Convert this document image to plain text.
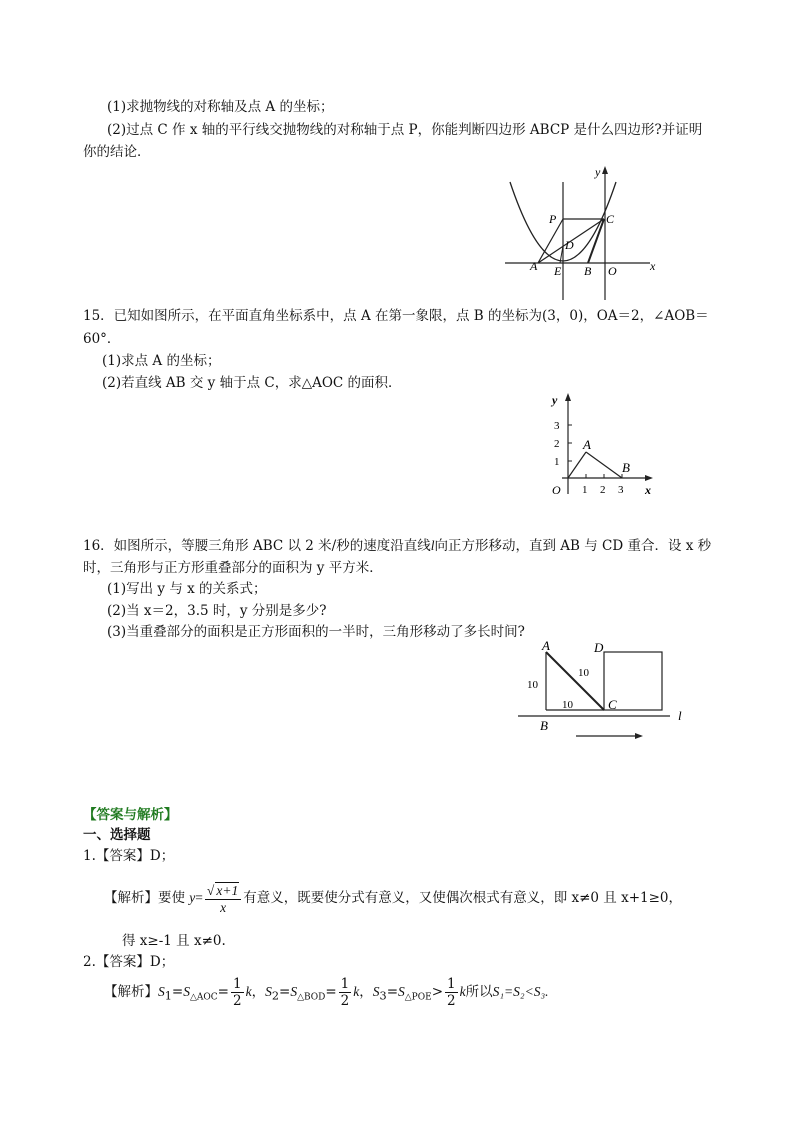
(1)求抛物线的对称轴及点 A 的坐标；
(2)过点 C 作 x 轴的平行线交抛物线的对称轴于点 P，你能判断四边形 ABCP 是什么四边形?并证明
你的结论．
y
x
P	C
D
A E B O
15．已知如图所示，在平面直角坐标系中，点 A 在第一象限，点 B 的坐标为(3，0)，OA＝2，∠AOB＝
60°．
(1)求点 A 的坐标；
(2)若直线 AB 交 y 轴于点 C，求△AOC 的面积．
y
x
3
2
1
O 1 2 3
A
B
16．如图所示，等腰三角形 ABC 以 2 米/秒的速度沿直线l向正方形移动，直到 AB 与 CD 重合．设 x 秒
时，三角形与正方形重叠部分的面积为 y 平方米．
(1)写出 y 与 x 的关系式；
(2)当 x＝2，3.5 时，y 分别是多少?
(3)当重叠部分的面积是正方形面积的一半时，三角形移动了多长时间?
A	D
C
B
l
10
10
10
【答案与解析】
一、选择题
1.【答案】D；
【解析】要使 $y= \frac{√ x+1}{x}$ 有意义，既要使分式有意义，又使偶次根式有意义，即 x≠0 且 x+1≥0，
得 x≥-1 且 x≠0.
2.【答案】D；
【解析】$S_1=S_{\triangle AOC}= \frac{1}{2}$ k，$S_2=S_{\triangle BOD}= \frac{1}{2}$ k，$S_3=S_{\triangle POE}> \frac{1}{2}$ k所以S₁=S₂<S₃.
